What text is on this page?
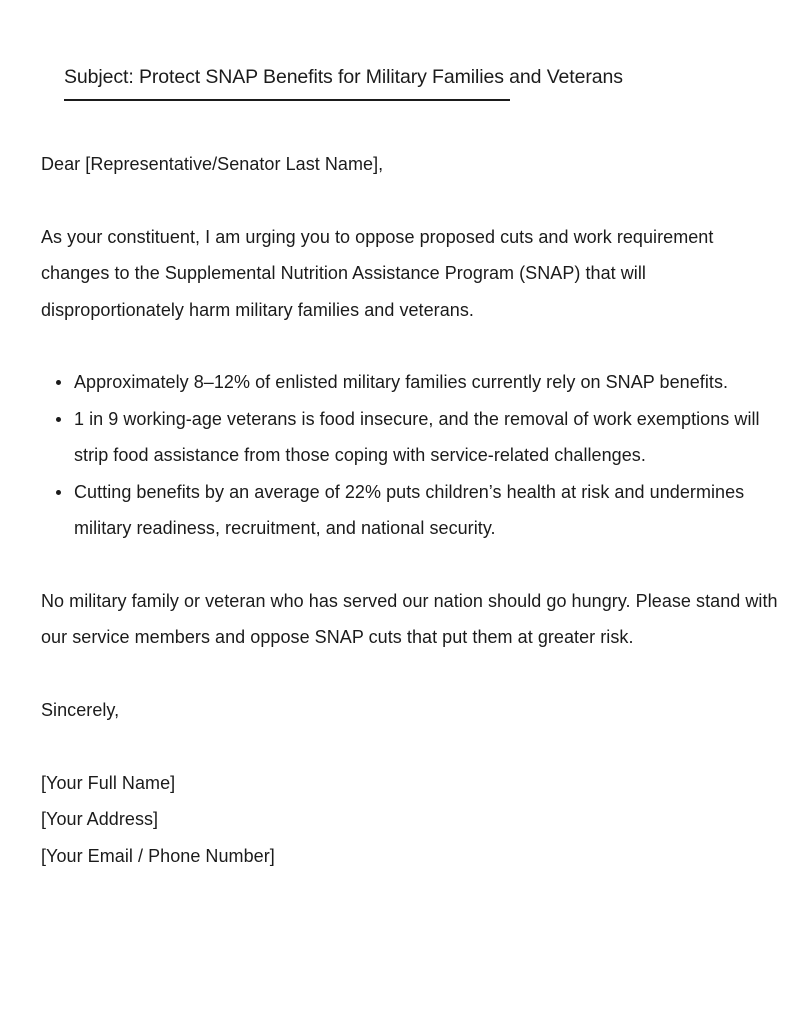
Subject: Protect SNAP Benefits for Military Families and Veterans

Dear [Representative/Senator Last Name],

As your constituent, I am urging you to oppose proposed cuts and work requirement changes to the Supplemental Nutrition Assistance Program (SNAP) that will disproportionately harm military families and veterans.

Approximately 8–12% of enlisted military families currently rely on SNAP benefits.
1 in 9 working-age veterans is food insecure, and the removal of work exemptions will strip food assistance from those coping with service-related challenges.
Cutting benefits by an average of 22% puts children’s health at risk and undermines military readiness, recruitment, and national security.

No military family or veteran who has served our nation should go hungry. Please stand with our service members and oppose SNAP cuts that put them at greater risk.

Sincerely,

[Your Full Name]

[Your Address]

[Your Email / Phone Number]
